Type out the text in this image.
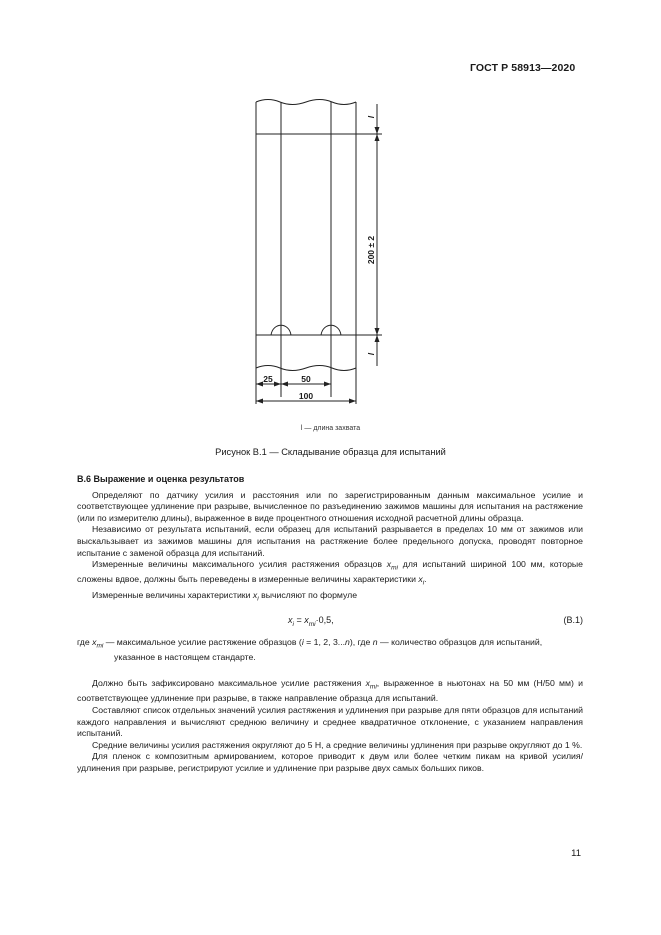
ГОСТ Р 58913—2020
200 ± 2
l
l
25	50
100
l — длина захвата
Рисунок В.1 — Складывание образца для испытаний
В.6 Выражение и оценка результатов

Определяют по датчику усилия и расстояния или по зарегистрированным данным максимальное усилие и соответствующее удлинение при разрыве, вычисленное по разъединению зажимов машины для испытания на растяжение (или по измерителю длины), выраженное в виде процентного отношения исходной расчетной длины образца.

Независимо от результата испытаний, если образец для испытаний разрывается в пределах 10 мм от зажимов или выскальзывает из зажимов машины для испытания на растяжение более предельного допуска, проводят повторное испытание с заменой образца для испытаний.

Измеренные величины максимального усилия растяжения образцов $x_{mi}$ для испытаний шириной 100 мм, которые сложены вдвое, должны быть переведены в измеренные величины характеристики $x_i$.

Измеренные величины характеристики $x_i$ вычисляют по формуле

$x_i = x_{mi}\cdot 0,5$,	(В.1)

где $x_{mi}$ — максимальное усилие растяжение образцов (i = 1, 2, 3...n), где n — количество образцов для испытаний,

указанное в настоящем стандарте.

Должно быть зафиксировано максимальное усилие растяжения $x_{mi}$, выраженное в ньютонах на 50 мм (Н/50 мм) и соответствующее удлинение при разрыве, в также направление образца для испытаний.

Составляют список отдельных значений усилия растяжения и удлинения при разрыве для пяти образцов для испытаний каждого направления и вычисляют среднюю величину и среднее квадратичное отклонение, с указанием направления испытаний.

Средние величины усилия растяжения округляют до 5 Н, а средние величины удлинения при разрыве округляют до 1 %.

Для пленок с композитным армированием, которое приводит к двум или более четким пикам на кривой усилия/удлинения при разрыве, регистрируют усилие и удлинение при разрыве двух самых больших пиков.

11
